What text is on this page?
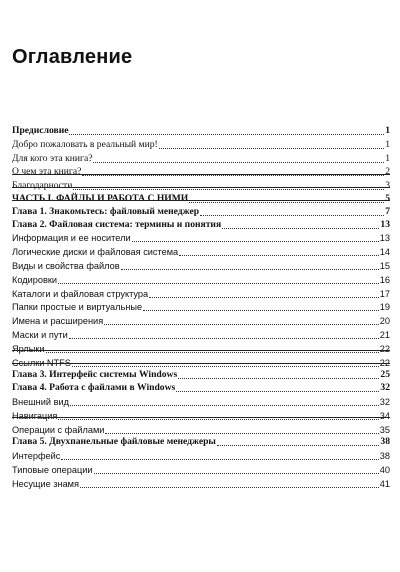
Оглавление
Предисловие	1
Добро пожаловать в реальный мир!	1
Для кого эта книга?	1
О чем эта книга?	2
Благодарности	3
ЧАСТЬ I. ФАЙЛЫ И РАБОТА С НИМИ	5
Глава 1. Знакомьтесь: файловый менеджер	7
Глава 2. Файловая система: термины и понятия	13
Информация и ее носители	13
Логические диски и файловая система	14
Виды и свойства файлов	15
Кодировки	16
Каталоги и файловая структура	17
Папки простые и виртуальные	19
Имена и расширения	20
Маски и пути	21
Ярлыки	22
Ссылки NTFS	22
Глава 3. Интерфейс системы Windows	25
Глава 4. Работа с файлами в Windows	32
Внешний вид	32
Навигация	34
Операции с файлами	35
Глава 5. Двухпанельные файловые менеджеры	38
Интерфейс	38
Типовые операции	40
Несущие знамя	41
